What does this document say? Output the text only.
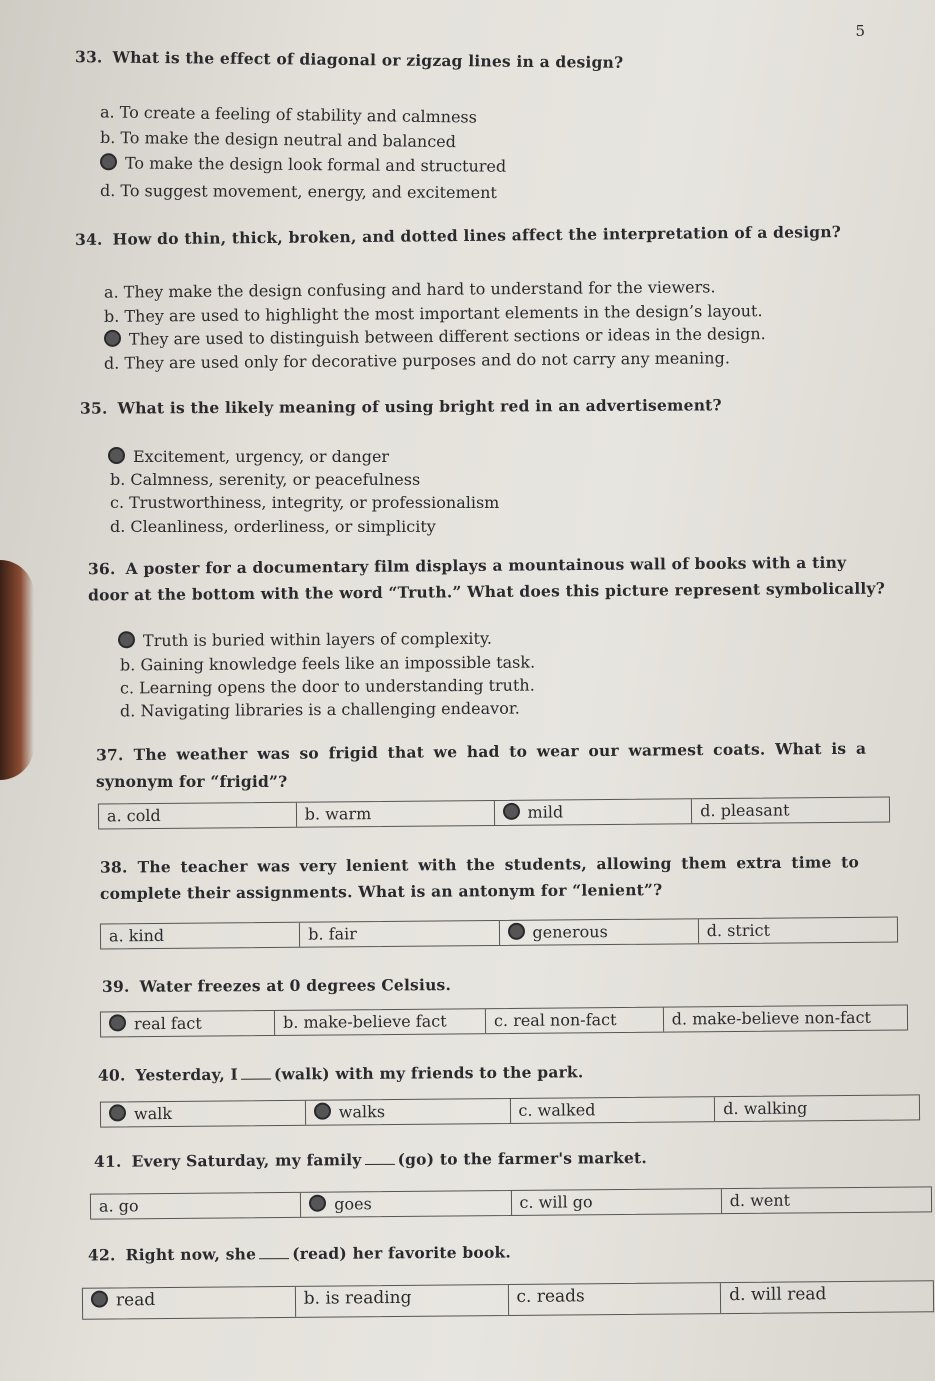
5
33. What is the effect of diagonal or zigzag lines in a design?
a. To create a feeling of stability and calmness
b. To make the design neutral and balanced
To make the design look formal and structured
d. To suggest movement, energy, and excitement
34. How do thin, thick, broken, and dotted lines affect the interpretation of a design?
a. They make the design confusing and hard to understand for the viewers.
b. They are used to highlight the most important elements in the design’s layout.
They are used to distinguish between different sections or ideas in the design.
d. They are used only for decorative purposes and do not carry any meaning.
35. What is the likely meaning of using bright red in an advertisement?
Excitement, urgency, or danger
b. Calmness, serenity, or peacefulness
c. Trustworthiness, integrity, or professionalism
d. Cleanliness, orderliness, or simplicity
36. A poster for a documentary film displays a mountainous wall of books with a tiny
door at the bottom with the word “Truth.” What does this picture represent symbolically?
Truth is buried within layers of complexity.
b. Gaining knowledge feels like an impossible task.
c. Learning opens the door to understanding truth.
d. Navigating libraries is a challenging endeavor.
37. The weather was so frigid that we had to wear our warmest coats. What is a
synonym for “frigid”?
a. cold	b. warm	mild	d. pleasant
38. The teacher was very lenient with the students, allowing them extra time to
complete their assignments. What is an antonym for “lenient”?
a. kind	b. fair	generous	d. strict
39. Water freezes at 0 degrees Celsius.
real fact	b. make-believe fact	c. real non-fact	d. make-believe non-fact
40. Yesterday, I (walk) with my friends to the park.
walk	walks	c. walked	d. walking
41. Every Saturday, my family (go) to the farmer's market.
a. go	goes	c. will go	d. went
42. Right now, she (read) her favorite book.
read	b. is reading	c. reads	d. will read
